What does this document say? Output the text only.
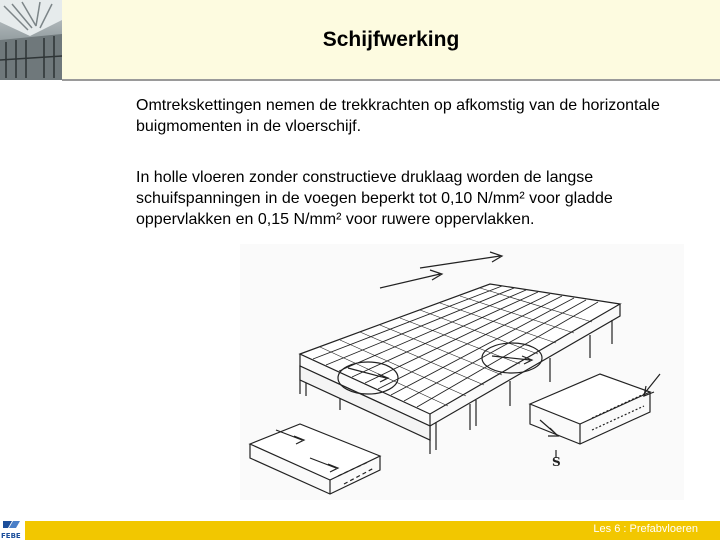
Schijfwerking

Omtrekskettingen nemen de trekkrachten op afkomstig van de horizontale buigmomenten in de vloerschijf.

In holle vloeren zonder constructieve druklaag worden de langse schuifspanningen in de voegen beperkt tot 0,10 N/mm² voor gladde oppervlakken en 0,15 N/mm² voor ruwere oppervlakken.

S
FEBE
Les 6 : Prefabvloeren
